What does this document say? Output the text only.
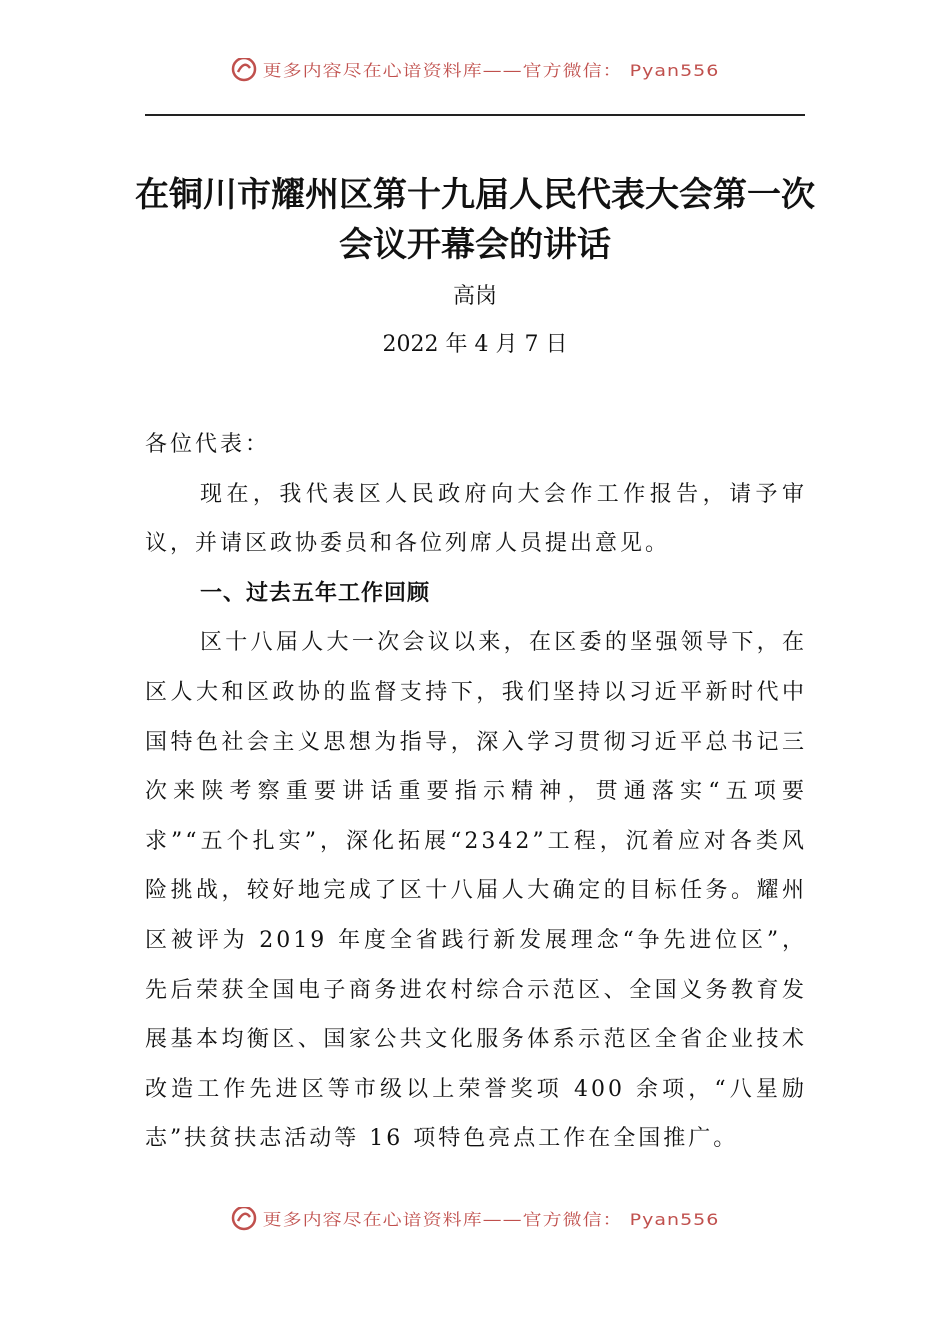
更多内容尽在心谙资料库——官方微信： Pyan556
在铜川市耀州区第十九届人民代表大会第一次会议开幕会的讲话
高岗
2022 年 4 月 7 日

各位代表：

现在，我代表区人民政府向大会作工作报告，请予审议，并请区政协委员和各位列席人员提出意见。

一、过去五年工作回顾

区十八届人大一次会议以来，在区委的坚强领导下，在区人大和区政协的监督支持下，我们坚持以习近平新时代中国特色社会主义思想为指导，深入学习贯彻习近平总书记三次来陕考察重要讲话重要指示精神，贯通落实“五项要求”“五个扎实”，深化拓展“2342”工程，沉着应对各类风险挑战，较好地完成了区十八届人大确定的目标任务。耀州区被评为 2019 年度全省践行新发展理念“争先进位区”，先后荣获全国电子商务进农村综合示范区、全国义务教育发展基本均衡区、国家公共文化服务体系示范区全省企业技术改造工作先进区等市级以上荣誉奖项 400 余项，“八星励志”扶贫扶志活动等 16 项特色亮点工作在全国推广。

更多内容尽在心谙资料库——官方微信： Pyan556
